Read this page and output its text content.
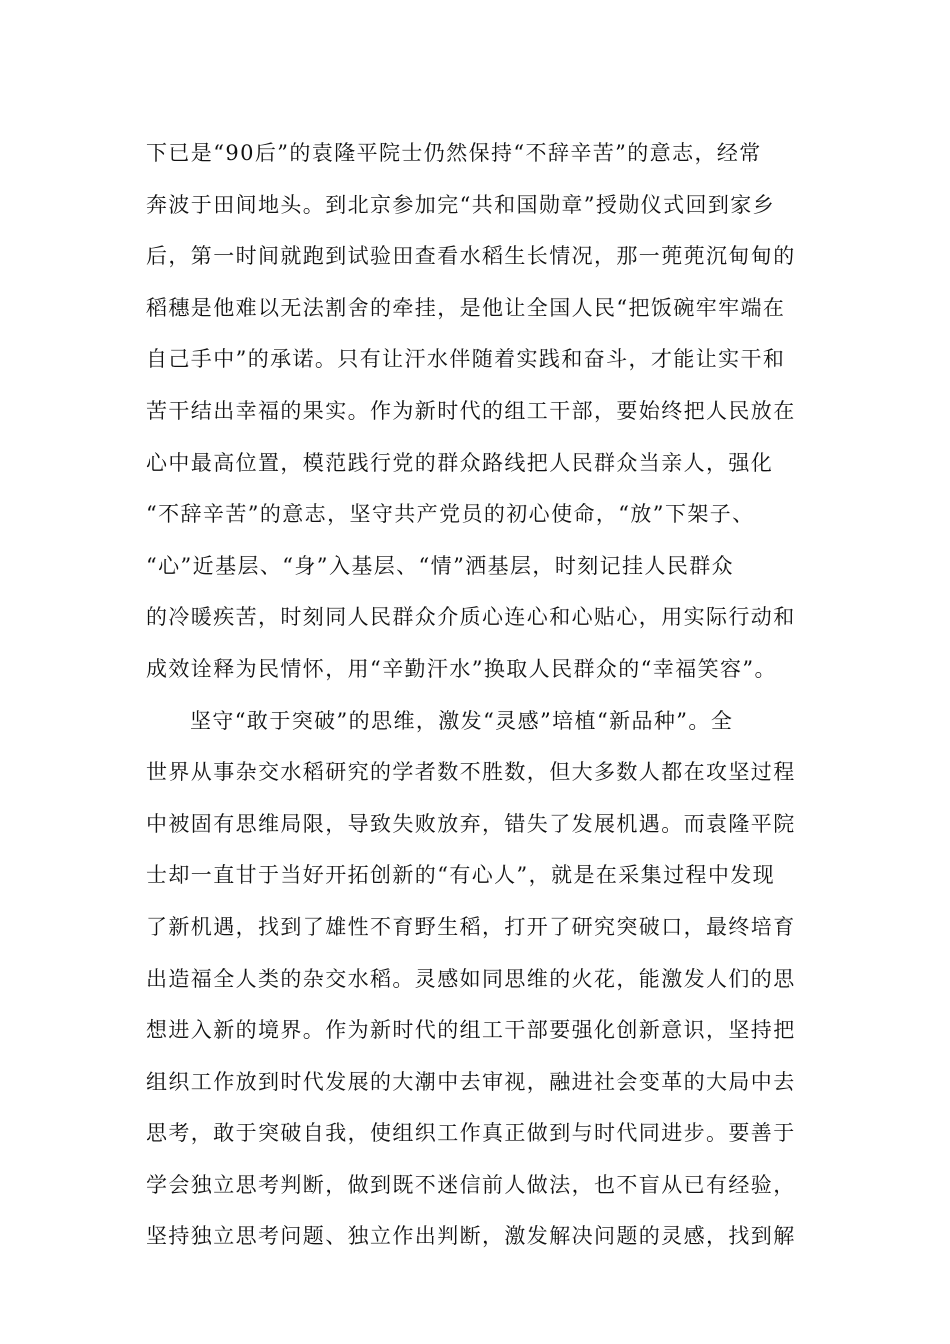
下已是“90后”的袁隆平院士仍然保持“不辞辛苦”的意志，经常
奔波于田间地头。到北京参加完“共和国勋章”授勋仪式回到家乡
后，第一时间就跑到试验田查看水稻生长情况，那一蔸蔸沉甸甸的
稻穗是他难以无法割舍的牵挂，是他让全国人民“把饭碗牢牢端在
自己手中”的承诺。只有让汗水伴随着实践和奋斗，才能让实干和
苦干结出幸福的果实。作为新时代的组工干部，要始终把人民放在
心中最高位置，模范践行党的群众路线把人民群众当亲人，强化
“不辞辛苦”的意志，坚守共产党员的初心使命，“放”下架子、
“心”近基层、“身”入基层、“情”洒基层，时刻记挂人民群众
的冷暖疾苦，时刻同人民群众介质心连心和心贴心，用实际行动和
成效诠释为民情怀，用“辛勤汗水”换取人民群众的“幸福笑容”。
坚守“敢于突破”的思维，激发“灵感”培植“新品种”。全
世界从事杂交水稻研究的学者数不胜数，但大多数人都在攻坚过程
中被固有思维局限，导致失败放弃，错失了发展机遇。而袁隆平院
士却一直甘于当好开拓创新的“有心人”，就是在采集过程中发现
了新机遇，找到了雄性不育野生稻，打开了研究突破口，最终培育
出造福全人类的杂交水稻。灵感如同思维的火花，能激发人们的思
想进入新的境界。作为新时代的组工干部要强化创新意识，坚持把
组织工作放到时代发展的大潮中去审视，融进社会变革的大局中去
思考，敢于突破自我，使组织工作真正做到与时代同进步。要善于
学会独立思考判断，做到既不迷信前人做法，也不盲从已有经验，
坚持独立思考问题、独立作出判断，激发解决问题的灵感，找到解
